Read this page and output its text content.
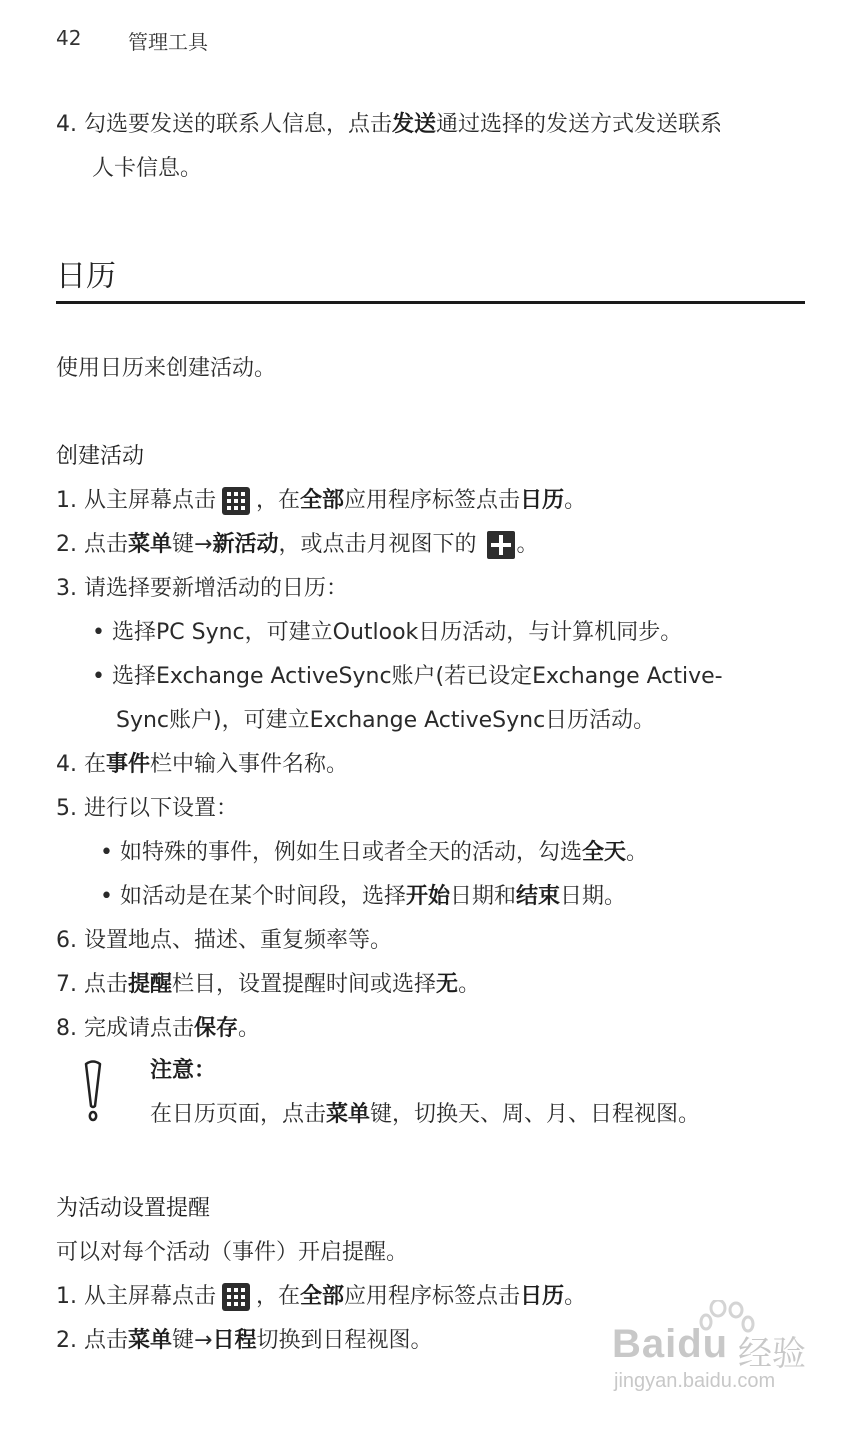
42 管理工具
4. 勾选要发送的联系人信息，点击发送通过选择的发送方式发送联系
人卡信息。
日历
使用日历来创建活动。
创建活动
1. 从主屏幕点击 ，在全部应用程序标签点击日历。
2. 点击菜单键→新活动，或点击月视图下的 。
3. 请选择要新增活动的日历：
• 选择PC Sync，可建立Outlook日历活动，与计算机同步。
• 选择Exchange ActiveSync账户(若已设定Exchange Active-
Sync账户)，可建立Exchange ActiveSync日历活动。
4. 在事件栏中输入事件名称。
5. 进行以下设置：
• 如特殊的事件，例如生日或者全天的活动，勾选全天。
• 如活动是在某个时间段，选择开始日期和结束日期。
6. 设置地点、描述、重复频率等。
7. 点击提醒栏目，设置提醒时间或选择无。
8. 完成请点击保存。
注意：
在日历页面，点击菜单键，切换天、周、月、日程视图。
为活动设置提醒
可以对每个活动（事件）开启提醒。
1. 从主屏幕点击 ，在全部应用程序标签点击日历。
2. 点击菜单键→日程切换到日程视图。	Baidu 经验
jingyan.baidu.com
